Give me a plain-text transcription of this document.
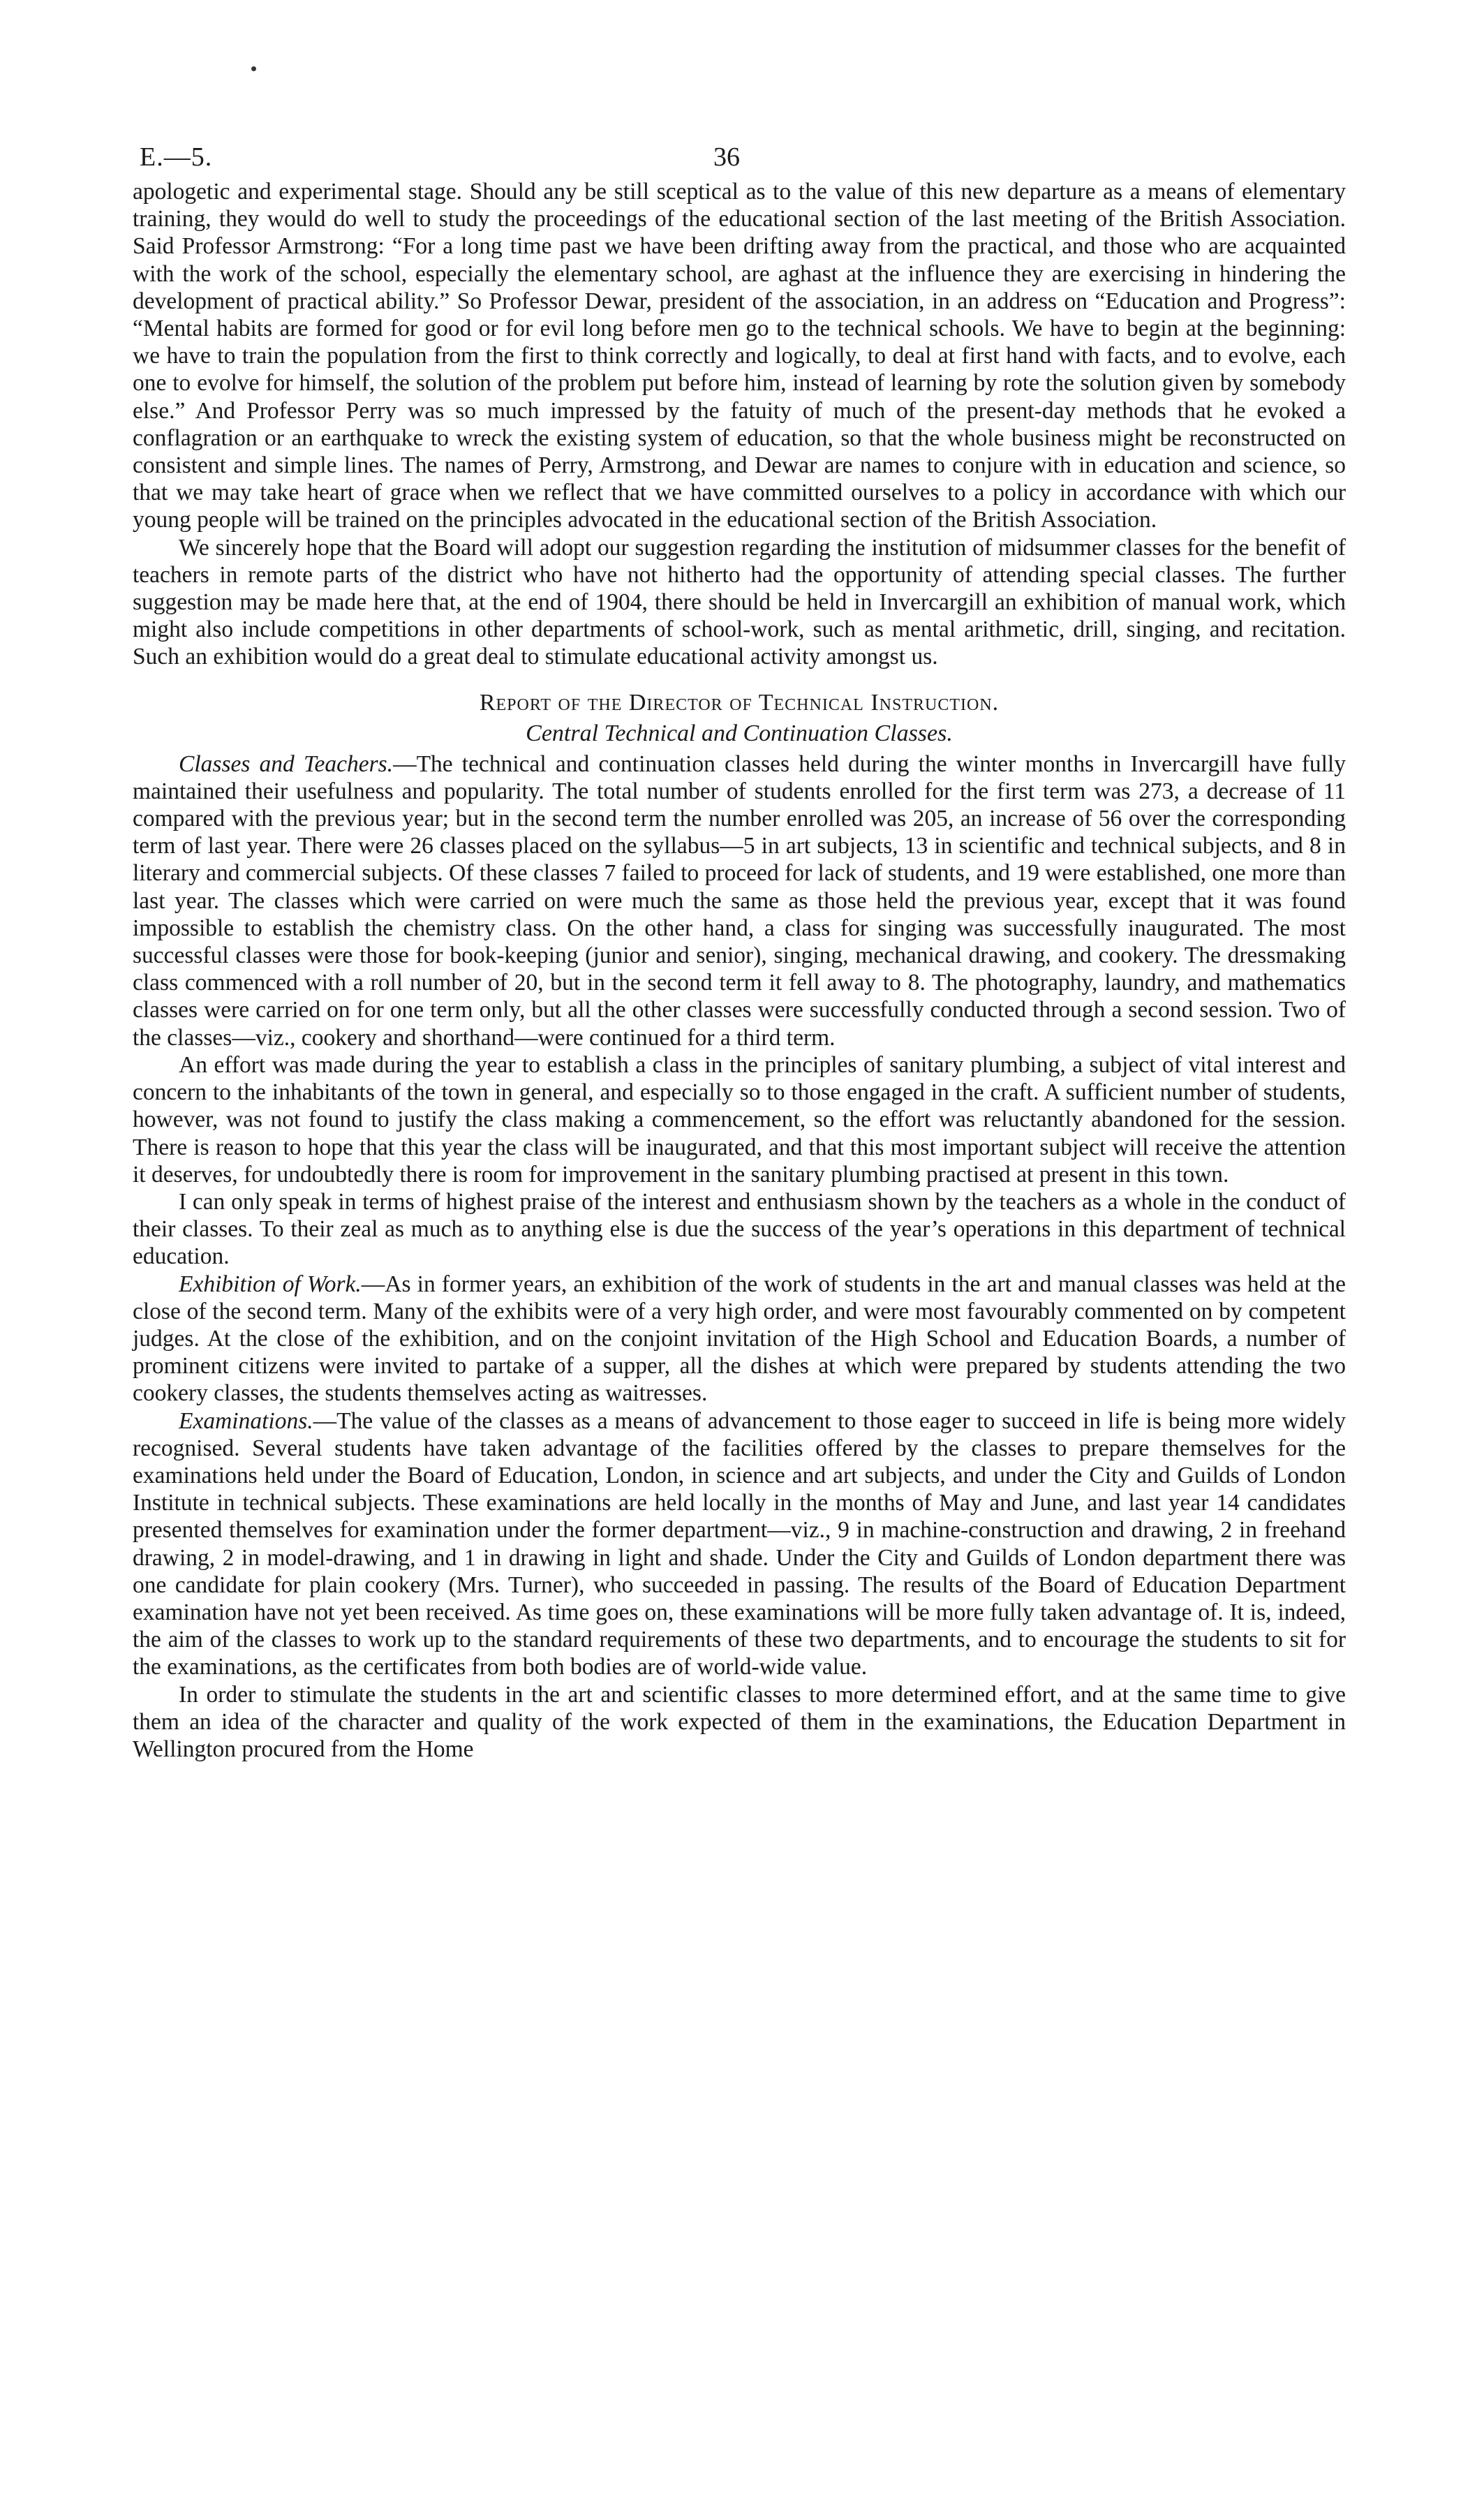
E.—5.	36

apologetic and experimental stage. Should any be still sceptical as to the value of this new departure as a means of elementary training, they would do well to study the proceedings of the educational section of the last meeting of the British Association. Said Professor Armstrong: “For a long time past we have been drifting away from the practical, and those who are acquainted with the work of the school, especially the elementary school, are aghast at the influence they are exercising in hindering the development of practical ability.” So Professor Dewar, president of the association, in an address on “Education and Progress”: “Mental habits are formed for good or for evil long before men go to the technical schools. We have to begin at the beginning: we have to train the population from the first to think correctly and logically, to deal at first hand with facts, and to evolve, each one to evolve for himself, the solution of the problem put before him, instead of learning by rote the solution given by somebody else.” And Professor Perry was so much impressed by the fatuity of much of the present-day methods that he evoked a conflagration or an earthquake to wreck the existing system of education, so that the whole business might be reconstructed on consistent and simple lines. The names of Perry, Armstrong, and Dewar are names to conjure with in education and science, so that we may take heart of grace when we reflect that we have committed ourselves to a policy in accordance with which our young people will be trained on the principles advocated in the educational section of the British Association.

We sincerely hope that the Board will adopt our suggestion regarding the institution of midsummer classes for the benefit of teachers in remote parts of the district who have not hitherto had the opportunity of attending special classes. The further suggestion may be made here that, at the end of 1904, there should be held in Invercargill an exhibition of manual work, which might also include competitions in other departments of school-work, such as mental arithmetic, drill, singing, and recitation. Such an exhibition would do a great deal to stimulate educational activity amongst us.

Report of the Director of Technical Instruction.
Central Technical and Continuation Classes.

Classes and Teachers.—The technical and continuation classes held during the winter months in Invercargill have fully maintained their usefulness and popularity. The total number of students enrolled for the first term was 273, a decrease of 11 compared with the previous year; but in the second term the number enrolled was 205, an increase of 56 over the corresponding term of last year. There were 26 classes placed on the syllabus—5 in art subjects, 13 in scientific and technical subjects, and 8 in literary and commercial subjects. Of these classes 7 failed to proceed for lack of students, and 19 were established, one more than last year. The classes which were carried on were much the same as those held the previous year, except that it was found impossible to establish the chemistry class. On the other hand, a class for singing was successfully inaugurated. The most successful classes were those for book-keeping (junior and senior), singing, mechanical drawing, and cookery. The dressmaking class commenced with a roll number of 20, but in the second term it fell away to 8. The photography, laundry, and mathematics classes were carried on for one term only, but all the other classes were successfully conducted through a second session. Two of the classes—viz., cookery and shorthand—were continued for a third term.

An effort was made during the year to establish a class in the principles of sanitary plumbing, a subject of vital interest and concern to the inhabitants of the town in general, and especially so to those engaged in the craft. A sufficient number of students, however, was not found to justify the class making a commencement, so the effort was reluctantly abandoned for the session. There is reason to hope that this year the class will be inaugurated, and that this most important subject will receive the attention it deserves, for undoubtedly there is room for improvement in the sanitary plumbing practised at present in this town.

I can only speak in terms of highest praise of the interest and enthusiasm shown by the teachers as a whole in the conduct of their classes. To their zeal as much as to anything else is due the success of the year’s operations in this department of technical education.

Exhibition of Work.—As in former years, an exhibition of the work of students in the art and manual classes was held at the close of the second term. Many of the exhibits were of a very high order, and were most favourably commented on by competent judges. At the close of the exhibition, and on the conjoint invitation of the High School and Education Boards, a number of prominent citizens were invited to partake of a supper, all the dishes at which were prepared by students attending the two cookery classes, the students themselves acting as waitresses.

Examinations.—The value of the classes as a means of advancement to those eager to succeed in life is being more widely recognised. Several students have taken advantage of the facilities offered by the classes to prepare themselves for the examinations held under the Board of Education, London, in science and art subjects, and under the City and Guilds of London Institute in technical subjects. These examinations are held locally in the months of May and June, and last year 14 candidates presented themselves for examination under the former department—viz., 9 in machine-construction and drawing, 2 in freehand drawing, 2 in model-drawing, and 1 in drawing in light and shade. Under the City and Guilds of London department there was one candidate for plain cookery (Mrs. Turner), who succeeded in passing. The results of the Board of Education Department examination have not yet been received. As time goes on, these examinations will be more fully taken advantage of. It is, indeed, the aim of the classes to work up to the standard requirements of these two departments, and to encourage the students to sit for the examinations, as the certificates from both bodies are of world-wide value.

In order to stimulate the students in the art and scientific classes to more determined effort, and at the same time to give them an idea of the character and quality of the work expected of them in the examinations, the Education Department in Wellington procured from the Home
